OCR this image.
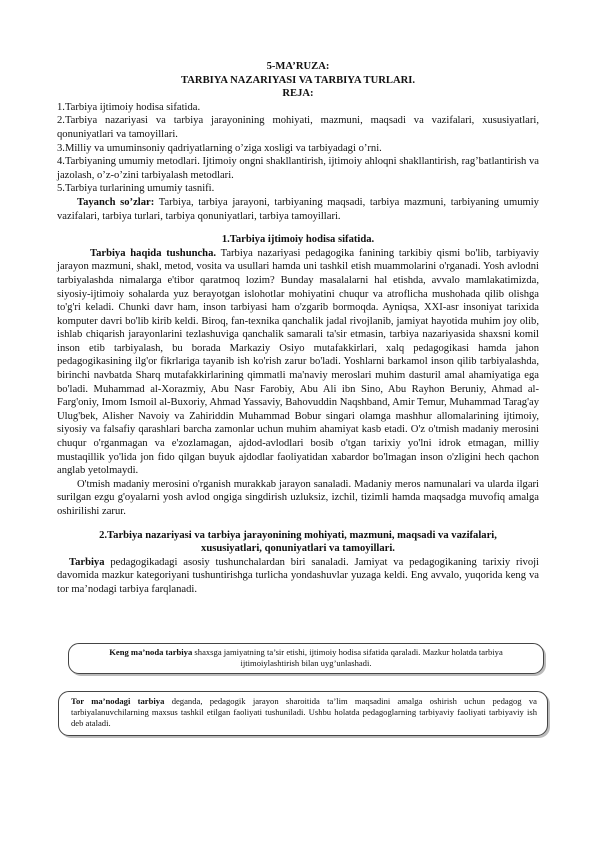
5-MA’RUZA:
TARBIYA NAZARIYASI VA TARBIYA TURLARI.
REJA:

1.Tarbiya ijtimoiy hodisa sifatida.

2.Tarbiya nazariyasi va tarbiya jarayonining mohiyati, mazmuni, maqsadi va vazifalari, xususiyatlari, qonuniyatlari va tamoyillari.

3.Milliy va umuminsoniy qadriyatlarning o’ziga xosligi va tarbiyadagi o’rni.

4.Tarbiyaning umumiy metodlari. Ijtimoiy ongni shakllantirish, ijtimoiy ahloqni shakllantirish, rag’batlantirish va jazolash, o’z-o’zini tarbiyalash metodlari.

5.Tarbiya turlarining umumiy tasnifi.

Tayanch so’zlar: Tarbiya, tarbiya jarayoni, tarbiyaning maqsadi, tarbiya mazmuni, tarbiyaning umumiy vazifalari, tarbiya turlari, tarbiya qonuniyatlari, tarbiya tamoyillari.

1.Tarbiya ijtimoiy hodisa sifatida.

Tarbiya haqida tushuncha. Tarbiya nazariyasi pedagogika fanining tarkibiy qismi bo'lib, tarbiyaviy jarayon mazmuni, shakl, metod, vosita va usullari hamda uni tashkil etish muammolarini o'rganadi. Yosh avlodni tarbiyalashda nimalarga e'tibor qaratmoq lozim? Bunday masalalarni hal etishda, avvalo mamlakatimizda, siyosiy-ijtimoiy sohalarda yuz berayotgan islohotlar mohiyatini chuqur va atroflicha mushohada qilib olishga to'g'ri keladi. Chunki davr ham, inson tarbiyasi ham o'zgarib bormoqda. Ayniqsa, XXI-asr insoniyat tarixida komputer davri bo'lib kirib keldi. Biroq, fan-texnika qanchalik jadal rivojlanib, jamiyat hayotida muhim joy olib, ishlab chiqarish jarayonlarini tezlashuviga qanchalik samarali ta'sir etmasin, tarbiya nazariyasida shaxsni komil inson etib tarbiyalash, bu borada Markaziy Osiyo mutafakkirlari, xalq pedagogikasi hamda jahon pedagogikasining ilg'or fikrlariga tayanib ish ko'rish zarur bo'ladi. Yoshlarni barkamol inson qilib tarbiyalashda, birinchi navbatda Sharq mutafakkirlarining qimmatli ma'naviy meroslari muhim dasturil amal ahamiyatiga ega bo'ladi. Muhammad al-Xorazmiy, Abu Nasr Farobiy, Abu Ali ibn Sino, Abu Rayhon Beruniy, Ahmad al-Farg'oniy, Imom Ismoil al-Buxoriy, Ahmad Yassaviy, Bahovuddin Naqshband, Amir Temur, Muhammad Tarag'ay Ulug'bek, Alisher Navoiy va Zahiriddin Muhammad Bobur singari olamga mashhur allomalarining ijtimoiy, siyosiy va falsafiy qarashlari barcha zamonlar uchun muhim ahamiyat kasb etadi. O'z o'tmish madaniy merosini chuqur o'rganmagan va e'zozlamagan, ajdod-avlodlari bosib o'tgan tarixiy yo'lni idrok etmagan, milliy mustaqillik yo'lida jon fido qilgan buyuk ajdodlar faoliyatidan xabardor bo'lmagan inson o'zligini hech qachon anglab yetolmaydi.

O'tmish madaniy merosini o'rganish murakkab jarayon sanaladi. Madaniy meros namunalari va ularda ilgari surilgan ezgu g'oyalarni yosh avlod ongiga singdirish uzluksiz, izchil, tizimli hamda maqsadga muvofiq amalga oshirilishi zarur.

2.Tarbiya nazariyasi va tarbiya jarayonining mohiyati, mazmuni, maqsadi va vazifalari,
xususiyatlari, qonuniyatlari va tamoyillari.

Tarbiya pedagogikadagi asosiy tushunchalardan biri sanaladi. Jamiyat va pedagogikaning tarixiy rivoji davomida mazkur kategoriyani tushuntirishga turlicha yondashuvlar yuzaga keldi. Eng avvalo, yuqorida keng va tor ma’nodagi tarbiya farqlanadi.

Keng ma’noda tarbiya shaxsga jamiyatning ta’sir etishi, ijtimoiy hodisa sifatida qaraladi. Mazkur holatda tarbiya ijtimoiylashtirish bilan uyg’unlashadi.
Tor ma’nodagi tarbiya deganda, pedagogik jarayon sharoitida ta’lim maqsadini amalga oshirish uchun pedagog va tarbiyalanuvchilarning maxsus tashkil etilgan faoliyati tushuniladi. Ushbu holatda pedagoglarning tarbiyaviy faoliyati tarbiyaviy ish deb ataladi.
